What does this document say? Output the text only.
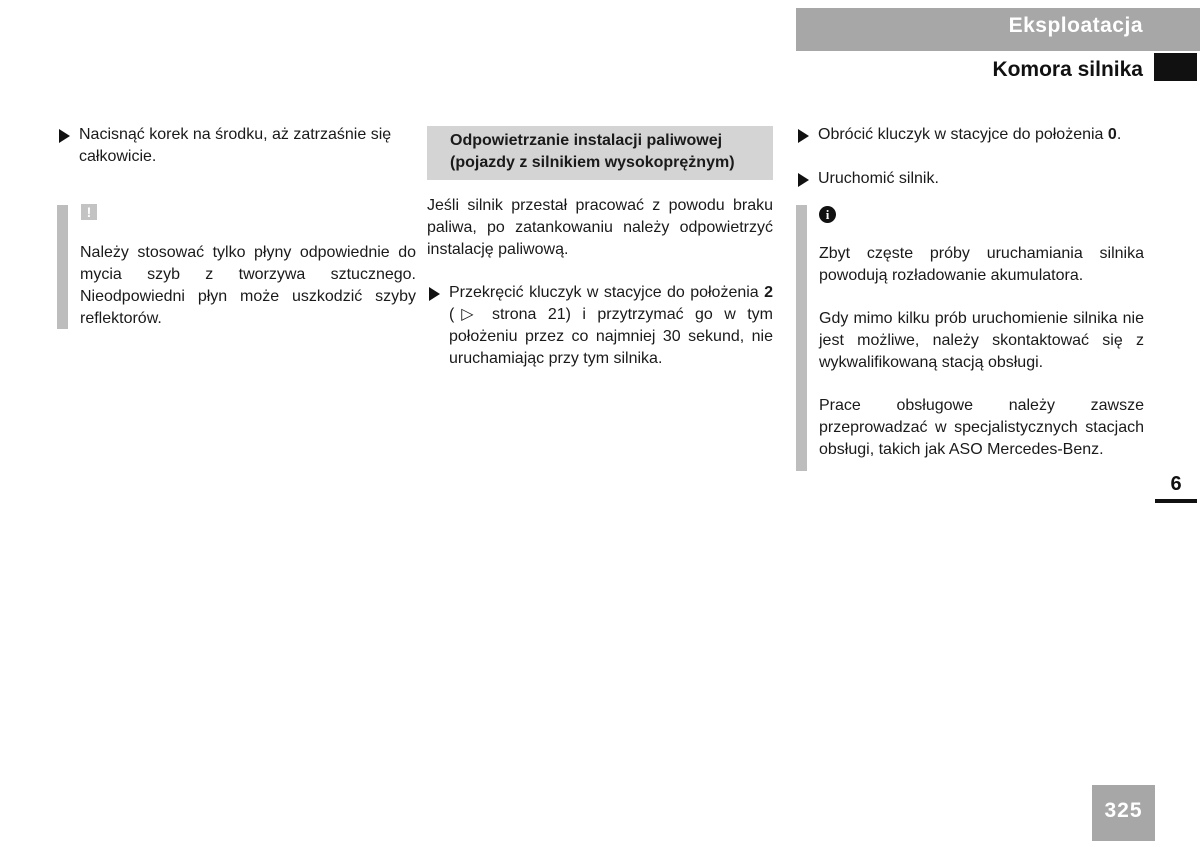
Eksploatacja
Komora silnika
Nacisnąć korek na środku, aż zatrzaśnie się całkowicie.
!

Należy stosować tylko płyny odpowiednie do mycia szyb z tworzywa sztucznego. Nieodpowiedni płyn może uszkodzić szyby reflektorów.

Odpowietrzanie instalacji paliwowej
(pojazdy z silnikiem wysokoprężnym)

Jeśli silnik przestał pracować z powodu braku paliwa, po zatankowaniu należy odpowietrzyć instalację paliwową.

Przekręcić kluczyk w stacyjce do położenia 2 (▷ strona 21) i przytrzymać go w tym położeniu przez co najmniej 30 sekund, nie uruchamiając przy tym silnika.

Obrócić kluczyk w stacyjce do położenia 0.
Uruchomić silnik.
i

Zbyt częste próby uruchamiania silnika powodują rozładowanie akumulatora.

Gdy mimo kilku prób uruchomienie silnika nie jest możliwe, należy skontaktować się z wykwalifikowaną stacją obsługi.

Prace obsługowe należy zawsze przeprowadzać w specjalistycznych stacjach obsługi, takich jak ASO Mercedes-Benz.

6
325
